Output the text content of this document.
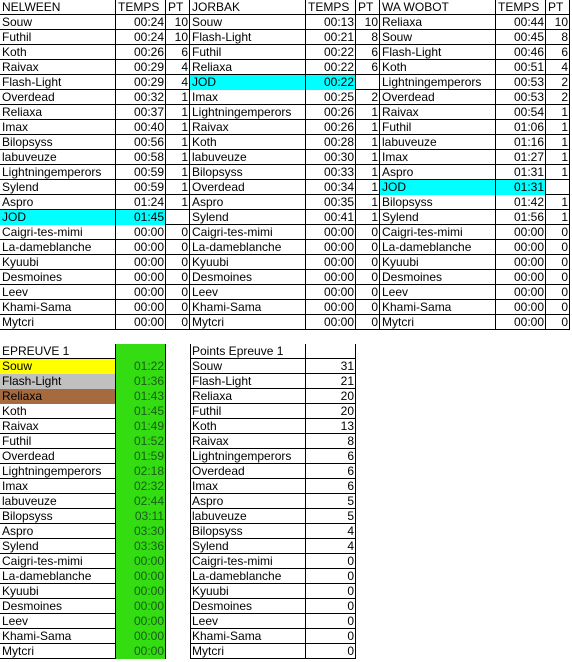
NELWEEN	TEMPS PT
Souw	00:24 10
Futhil	00:24 10
Koth	00:26	6
Raivax	00:29	4
Flash-Light	00:29	4
Overdead	00:32	1
Reliaxa	00:37	1
Imax	00:40	1
Bilopsyss	00:56	1
labuveuze	00:58	1
Lightningemperors	00:59	1
Sylend	00:59	1
Aspro	01:24	1
JOD	01:45
Caigri-tes-mimi	00:00	0
La-dameblanche	00:00	0
Kyuubi	00:00	0
Desmoines	00:00	0
Leev	00:00	0
Khami-Sama	00:00	0
Mytcri	00:00	0
JORBAK	TEMPS PT
Souw	00:13 10
Flash-Light	00:21	8
Futhil	00:22	6
Reliaxa	00:22	6
JOD	00:22
Imax	00:25	2
Lightningemperors	00:26	1
Raivax	00:26	1
Koth	00:28	1
labuveuze	00:30	1
Bilopsyss	00:33	1
Overdead	00:34	1
Aspro	00:35	1
Sylend	00:41	1
Caigri-tes-mimi	00:00	0
La-dameblanche	00:00	0
Kyuubi	00:00	0
Desmoines	00:00	0
Leev	00:00	0
Khami-Sama	00:00	0
Mytcri	00:00	0
WA WOBOT	TEMPS PT
Reliaxa	00:44 10
Souw	00:45	8
Flash-Light	00:46	6
Koth	00:51	4
Lightningemperors	00:53	2
Overdead	00:53	2
Raivax	00:54	1
Futhil	01:06	1
labuveuze	01:16	1
Imax	01:27	1
Aspro	01:31	1
JOD	01:31
Bilopsyss	01:42	1
Sylend	01:56	1
Caigri-tes-mimi	00:00	0
La-dameblanche	00:00	0
Kyuubi	00:00	0
Desmoines	00:00	0
Leev	00:00	0
Khami-Sama	00:00	0
Mytcri	00:00	0
EPREUVE 1
Souw	01:22
Flash-Light	01:36
Reliaxa	01:43
Koth	01:45
Raivax	01:49
Futhil	01:52
Overdead	01:59
Lightningemperors	02:18
Imax	02:32
labuveuze	02:44
Bilopsyss	03:11
Aspro	03:30
Sylend	03:36
Caigri-tes-mimi	00:00
La-dameblanche	00:00
Kyuubi	00:00
Desmoines	00:00
Leev	00:00
Khami-Sama	00:00
Mytcri	00:00
Points Epreuve 1
Souw	31
Flash-Light	21
Reliaxa	20
Futhil	20
Koth	13
Raivax	8
Lightningemperors	6
Overdead	6
Imax	6
Aspro	5
labuveuze	5
Bilopsyss	4
Sylend	4
Caigri-tes-mimi	0
La-dameblanche	0
Kyuubi	0
Desmoines	0
Leev	0
Khami-Sama	0
Mytcri	0
